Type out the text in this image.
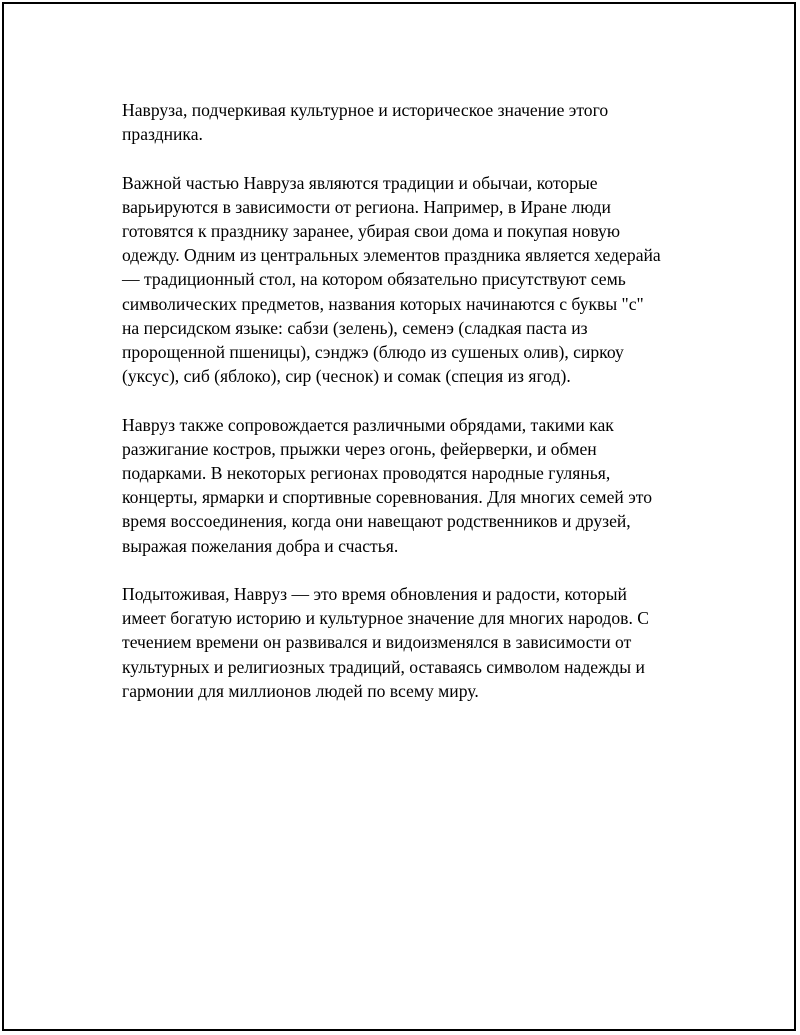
Навруза, подчеркивая культурное и историческое значение этого
праздника.

Важной частью Навруза являются традиции и обычаи, которые
варьируются в зависимости от региона. Например, в Иране люди
готовятся к празднику заранее, убирая свои дома и покупая новую
одежду. Одним из центральных элементов праздника является хедерайа
— традиционный стол, на котором обязательно присутствуют семь
символических предметов, названия которых начинаются с буквы "с"
на персидском языке: сабзи (зелень), семенэ (сладкая паста из
пророщенной пшеницы), сэнджэ (блюдо из сушеных олив), сиркоу
(уксус), сиб (яблоко), сир (чеснок) и сомак (специя из ягод).

Навруз также сопровождается различными обрядами, такими как
разжигание костров, прыжки через огонь, фейерверки, и обмен
подарками. В некоторых регионах проводятся народные гулянья,
концерты, ярмарки и спортивные соревнования. Для многих семей это
время воссоединения, когда они навещают родственников и друзей,
выражая пожелания добра и счастья.

Подытоживая, Навруз — это время обновления и радости, который
имеет богатую историю и культурное значение для многих народов. С
течением времени он развивался и видоизменялся в зависимости от
культурных и религиозных традиций, оставаясь символом надежды и
гармонии для миллионов людей по всему миру.
